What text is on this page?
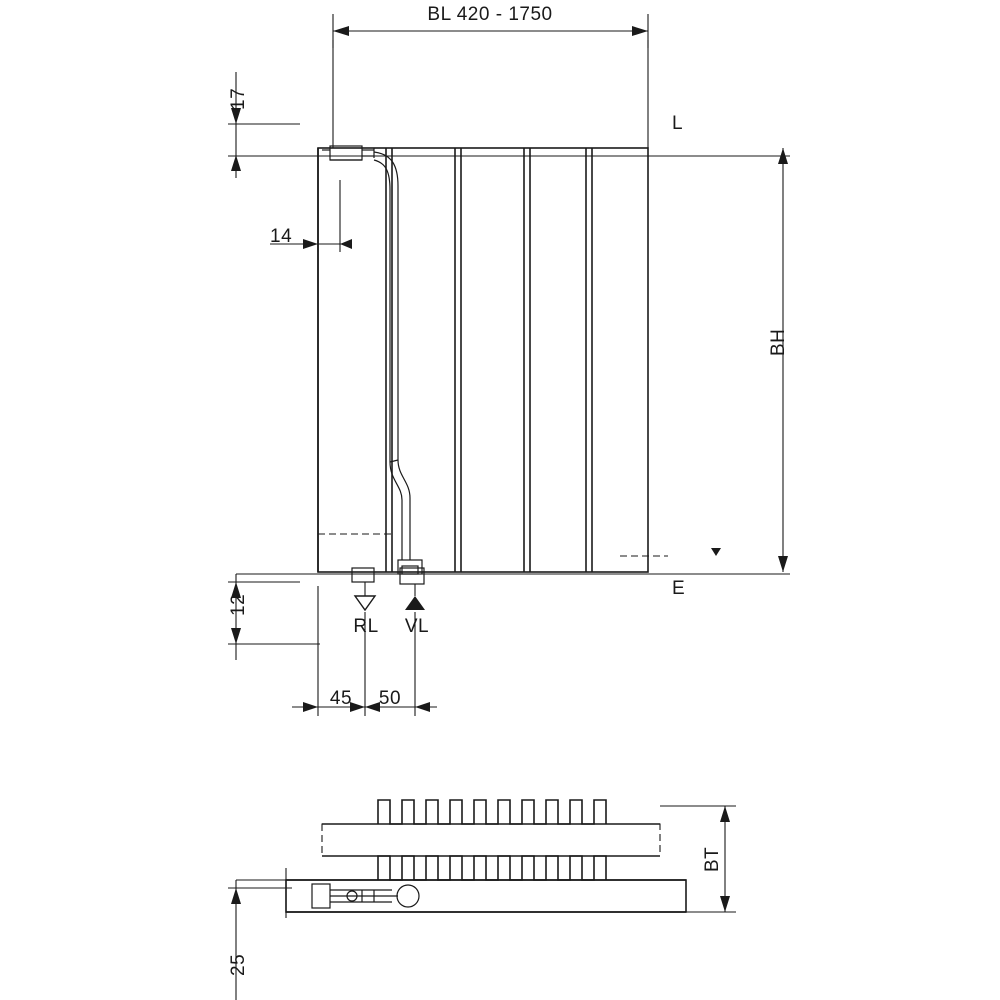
BL 420 - 1750
17
14
BH
L
E
12
RL VL
45 50
BT
25
